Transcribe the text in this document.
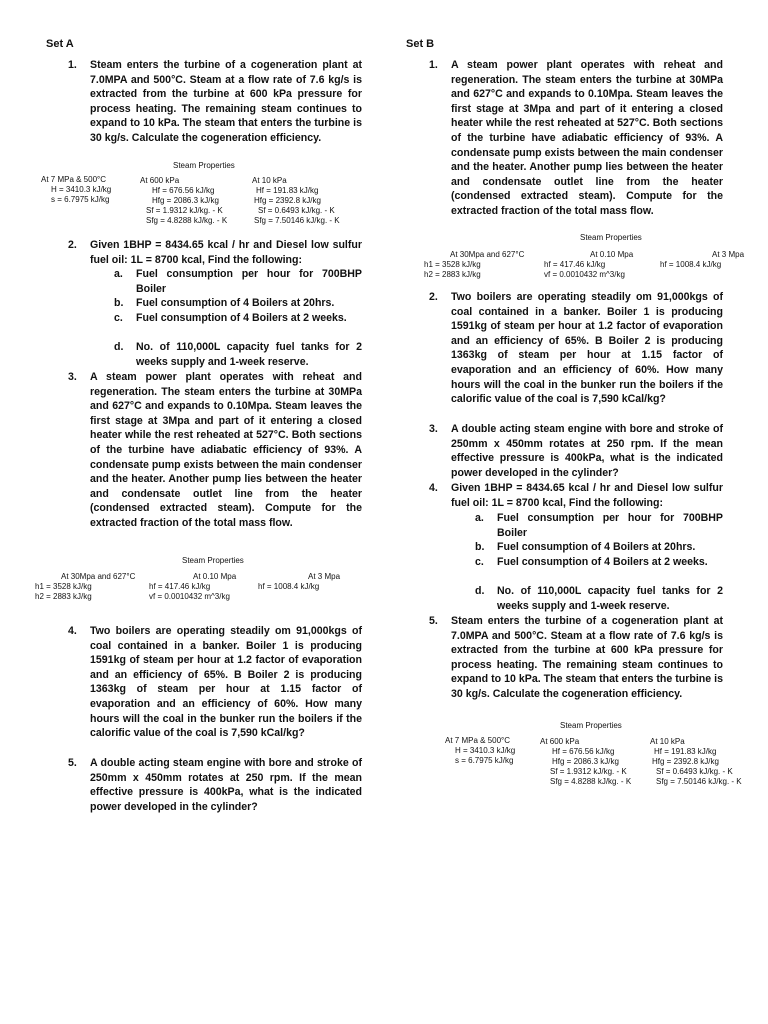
Set A
1. Steam enters the turbine of a cogeneration plant at 7.0MPA and 500°C. Steam at a flow rate of 7.6 kg/s is extracted from the turbine at 600 kPa pressure for process heating. The remaining steam continues to expand to 10 kPa. The steam that enters the turbine is 30 kg/s. Calculate the cogeneration efficiency.
Steam Properties
At 7 MPa & 500°C
H = 3410.3 kJ/kg
s = 6.7975 kJ/kg
At 600 kPa
Hf = 676.56 kJ/kg
Hfg = 2086.3 kJ/kg
Sf = 1.9312 kJ/kg. - K
Sfg = 4.8288 kJ/kg. - K
At 10 kPa
Hf = 191.83 kJ/kg
Hfg = 2392.8 kJ/kg
Sf = 0.6493 kJ/kg. - K
Sfg = 7.50146 kJ/kg. - K
2. Given 1BHP = 8434.65 kcal / hr and Diesel low sulfur fuel oil: 1L = 8700 kcal, Find the following:
a. Fuel consumption per hour for 700BHP Boiler
b. Fuel consumption of 4 Boilers at 20hrs.
c. Fuel consumption of 4 Boilers at 2 weeks.
d. No. of 110,000L capacity fuel tanks for 2 weeks supply and 1-week reserve.
3. A steam power plant operates with reheat and regeneration. The steam enters the turbine at 30MPa and 627°C and expands to 0.10Mpa. Steam leaves the first stage at 3Mpa and part of it entering a closed heater while the rest reheated at 527°C. Both sections of the turbine have adiabatic efficiency of 93%. A condensate pump exists between the main condenser and the heater. Another pump lies between the heater and condensate outlet line from the heater (condensed extracted steam). Compute for the extracted fraction of the total mass flow.
Steam Properties
At 30Mpa and 627°C
h1 = 3528 kJ/kg
h2 = 2883 kJ/kg
At 0.10 Mpa
hf = 417.46 kJ/kg
vf = 0.0010432 m^3/kg
At 3 Mpa
hf = 1008.4 kJ/kg
4. Two boilers are operating steadily om 91,000kgs of coal contained in a banker. Boiler 1 is producing 1591kg of steam per hour at 1.2 factor of evaporation and an efficiency of 65%. B Boiler 2 is producing 1363kg of steam per hour at 1.15 factor of evaporation and an efficiency of 60%. How many hours will the coal in the bunker run the boilers if the calorific value of the coal is 7,590 kCal/kg?
5. A double acting steam engine with bore and stroke of 250mm x 450mm rotates at 250 rpm. If the mean effective pressure is 400kPa, what is the indicated power developed in the cylinder?
Set B
1. A steam power plant operates with reheat and regeneration. The steam enters the turbine at 30MPa and 627°C and expands to 0.10Mpa. Steam leaves the first stage at 3Mpa and part of it entering a closed heater while the rest reheated at 527°C. Both sections of the turbine have adiabatic efficiency of 93%. A condensate pump exists between the main condenser and the heater. Another pump lies between the heater and condensate outlet line from the heater (condensed extracted steam). Compute for the extracted fraction of the total mass flow.
Steam Properties
At 30Mpa and 627°C
h1 = 3528 kJ/kg
h2 = 2883 kJ/kg
At 0.10 Mpa
hf = 417.46 kJ/kg
vf = 0.0010432 m^3/kg
At 3 Mpa
hf = 1008.4 kJ/kg
2. Two boilers are operating steadily om 91,000kgs of coal contained in a banker. Boiler 1 is producing 1591kg of steam per hour at 1.2 factor of evaporation and an efficiency of 65%. B Boiler 2 is producing 1363kg of steam per hour at 1.15 factor of evaporation and an efficiency of 60%. How many hours will the coal in the bunker run the boilers if the calorific value of the coal is 7,590 kCal/kg?
3. A double acting steam engine with bore and stroke of 250mm x 450mm rotates at 250 rpm. If the mean effective pressure is 400kPa, what is the indicated power developed in the cylinder?
4. Given 1BHP = 8434.65 kcal / hr and Diesel low sulfur fuel oil: 1L = 8700 kcal, Find the following:
a. Fuel consumption per hour for 700BHP Boiler
b. Fuel consumption of 4 Boilers at 20hrs.
c. Fuel consumption of 4 Boilers at 2 weeks.
d. No. of 110,000L capacity fuel tanks for 2 weeks supply and 1-week reserve.
5. Steam enters the turbine of a cogeneration plant at 7.0MPA and 500°C. Steam at a flow rate of 7.6 kg/s is extracted from the turbine at 600 kPa pressure for process heating. The remaining steam continues to expand to 10 kPa. The steam that enters the turbine is 30 kg/s. Calculate the cogeneration efficiency.
Steam Properties
At 7 MPa & 500°C
H = 3410.3 kJ/kg
s = 6.7975 kJ/kg
At 600 kPa
Hf = 676.56 kJ/kg
Hfg = 2086.3 kJ/kg
Sf = 1.9312 kJ/kg. - K
Sfg = 4.8288 kJ/kg. - K
At 10 kPa
Hf = 191.83 kJ/kg
Hfg = 2392.8 kJ/kg
Sf = 0.6493 kJ/kg. - K
Sfg = 7.50146 kJ/kg. - K
